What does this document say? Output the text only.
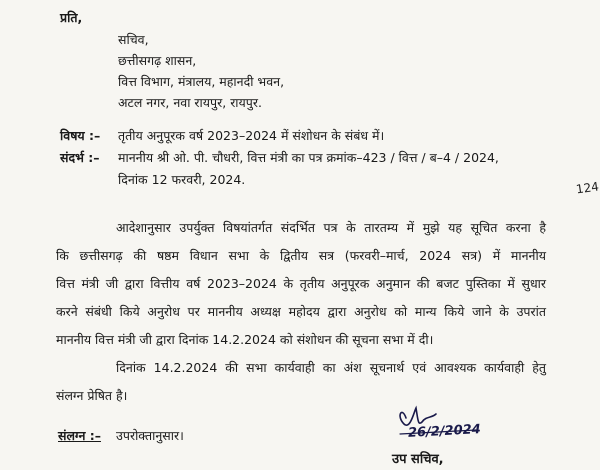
प्रति,
सचिव,
छत्तीसगढ़ शासन,
वित्त विभाग, मंत्रालय, महानदी भवन,
अटल नगर, नवा रायपुर, रायपुर.
विषय :– तृतीय अनुपूरक वर्ष 2023–2024 में संशोधन के संबंध में।
संदर्भ :– माननीय श्री ओ. पी. चौधरी, वित्त मंत्री का पत्र क्रमांक–423 / वित्त / ब–4 / 2024,
दिनांक 12 फरवरी, 2024.	124
आदेशानुसार उपर्युक्त विषयांतर्गत संदर्भित पत्र के तारतम्य में मुझे यह सूचित करना है
कि छत्तीसगढ़ की षष्ठम विधान सभा के द्वितीय सत्र (फरवरी–मार्च, 2024 सत्र) में माननीय
वित्त मंत्री जी द्वारा वित्तीय वर्ष 2023–2024 के तृतीय अनुपूरक अनुमान की बजट पुस्तिका में सुधार
करने संबंधी किये अनुरोध पर माननीय अध्यक्ष महोदय द्वारा अनुरोध को मान्य किये जाने के उपरांत
माननीय वित्त मंत्री जी द्वारा दिनांक 14.2.2024 को संशोधन की सूचना सभा में दी।
दिनांक 14.2.2024 की सभा कार्यवाही का अंश सूचनार्थ एवं आवश्यक कार्यवाही हेतु
संलग्न प्रेषित है।
संलग्न :– उपरोक्तानुसार।	26/2/2024
उप सचिव,
